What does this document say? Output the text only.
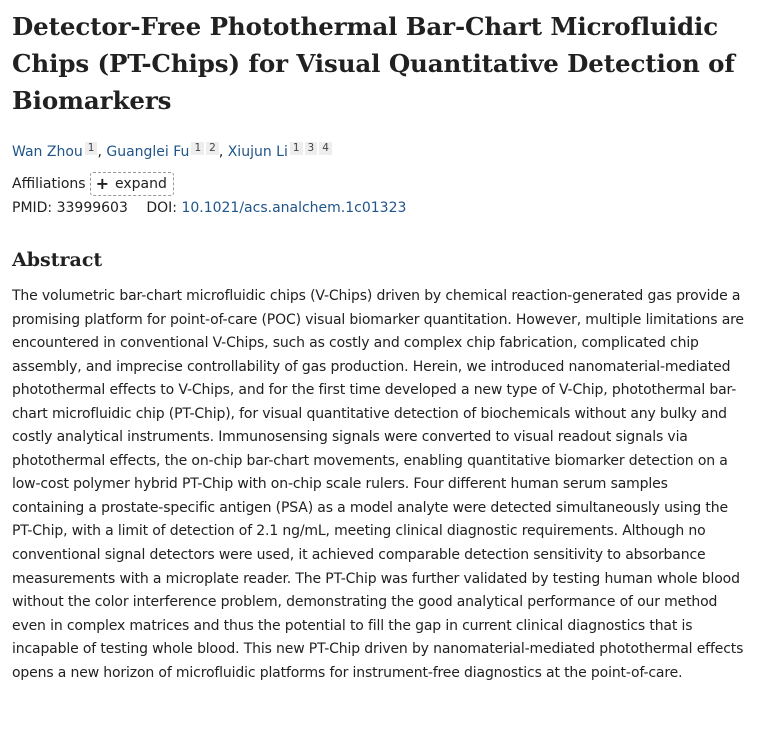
Detector-Free Photothermal Bar-Chart Microfluidic Chips (PT-Chips) for Visual Quantitative Detection of Biomarkers
Wan Zhou 1 , Guanglei Fu 1 2 , Xiujun Li 1 3 4
Affiliations + expand
PMID: 33999603 DOI: 10.1021/acs.analchem.1c01323
Abstract
The volumetric bar-chart microfluidic chips (V-Chips) driven by chemical reaction-generated gas provide a promising platform for point-of-care (POC) visual biomarker quantitation. However, multiple limitations are encountered in conventional V-Chips, such as costly and complex chip fabrication, complicated chip assembly, and imprecise controllability of gas production. Herein, we introduced nanomaterial-mediated photothermal effects to V-Chips, and for the first time developed a new type of V-Chip, photothermal bar-chart microfluidic chip (PT-Chip), for visual quantitative detection of biochemicals without any bulky and costly analytical instruments. Immunosensing signals were converted to visual readout signals via photothermal effects, the on-chip bar-chart movements, enabling quantitative biomarker detection on a low-cost polymer hybrid PT-Chip with on-chip scale rulers. Four different human serum samples containing a prostate-specific antigen (PSA) as a model analyte were detected simultaneously using the PT-Chip, with a limit of detection of 2.1 ng/mL, meeting clinical diagnostic requirements. Although no conventional signal detectors were used, it achieved comparable detection sensitivity to absorbance measurements with a microplate reader. The PT-Chip was further validated by testing human whole blood without the color interference problem, demonstrating the good analytical performance of our method even in complex matrices and thus the potential to fill the gap in current clinical diagnostics that is incapable of testing whole blood. This new PT-Chip driven by nanomaterial-mediated photothermal effects opens a new horizon of microfluidic platforms for instrument-free diagnostics at the point-of-care.
